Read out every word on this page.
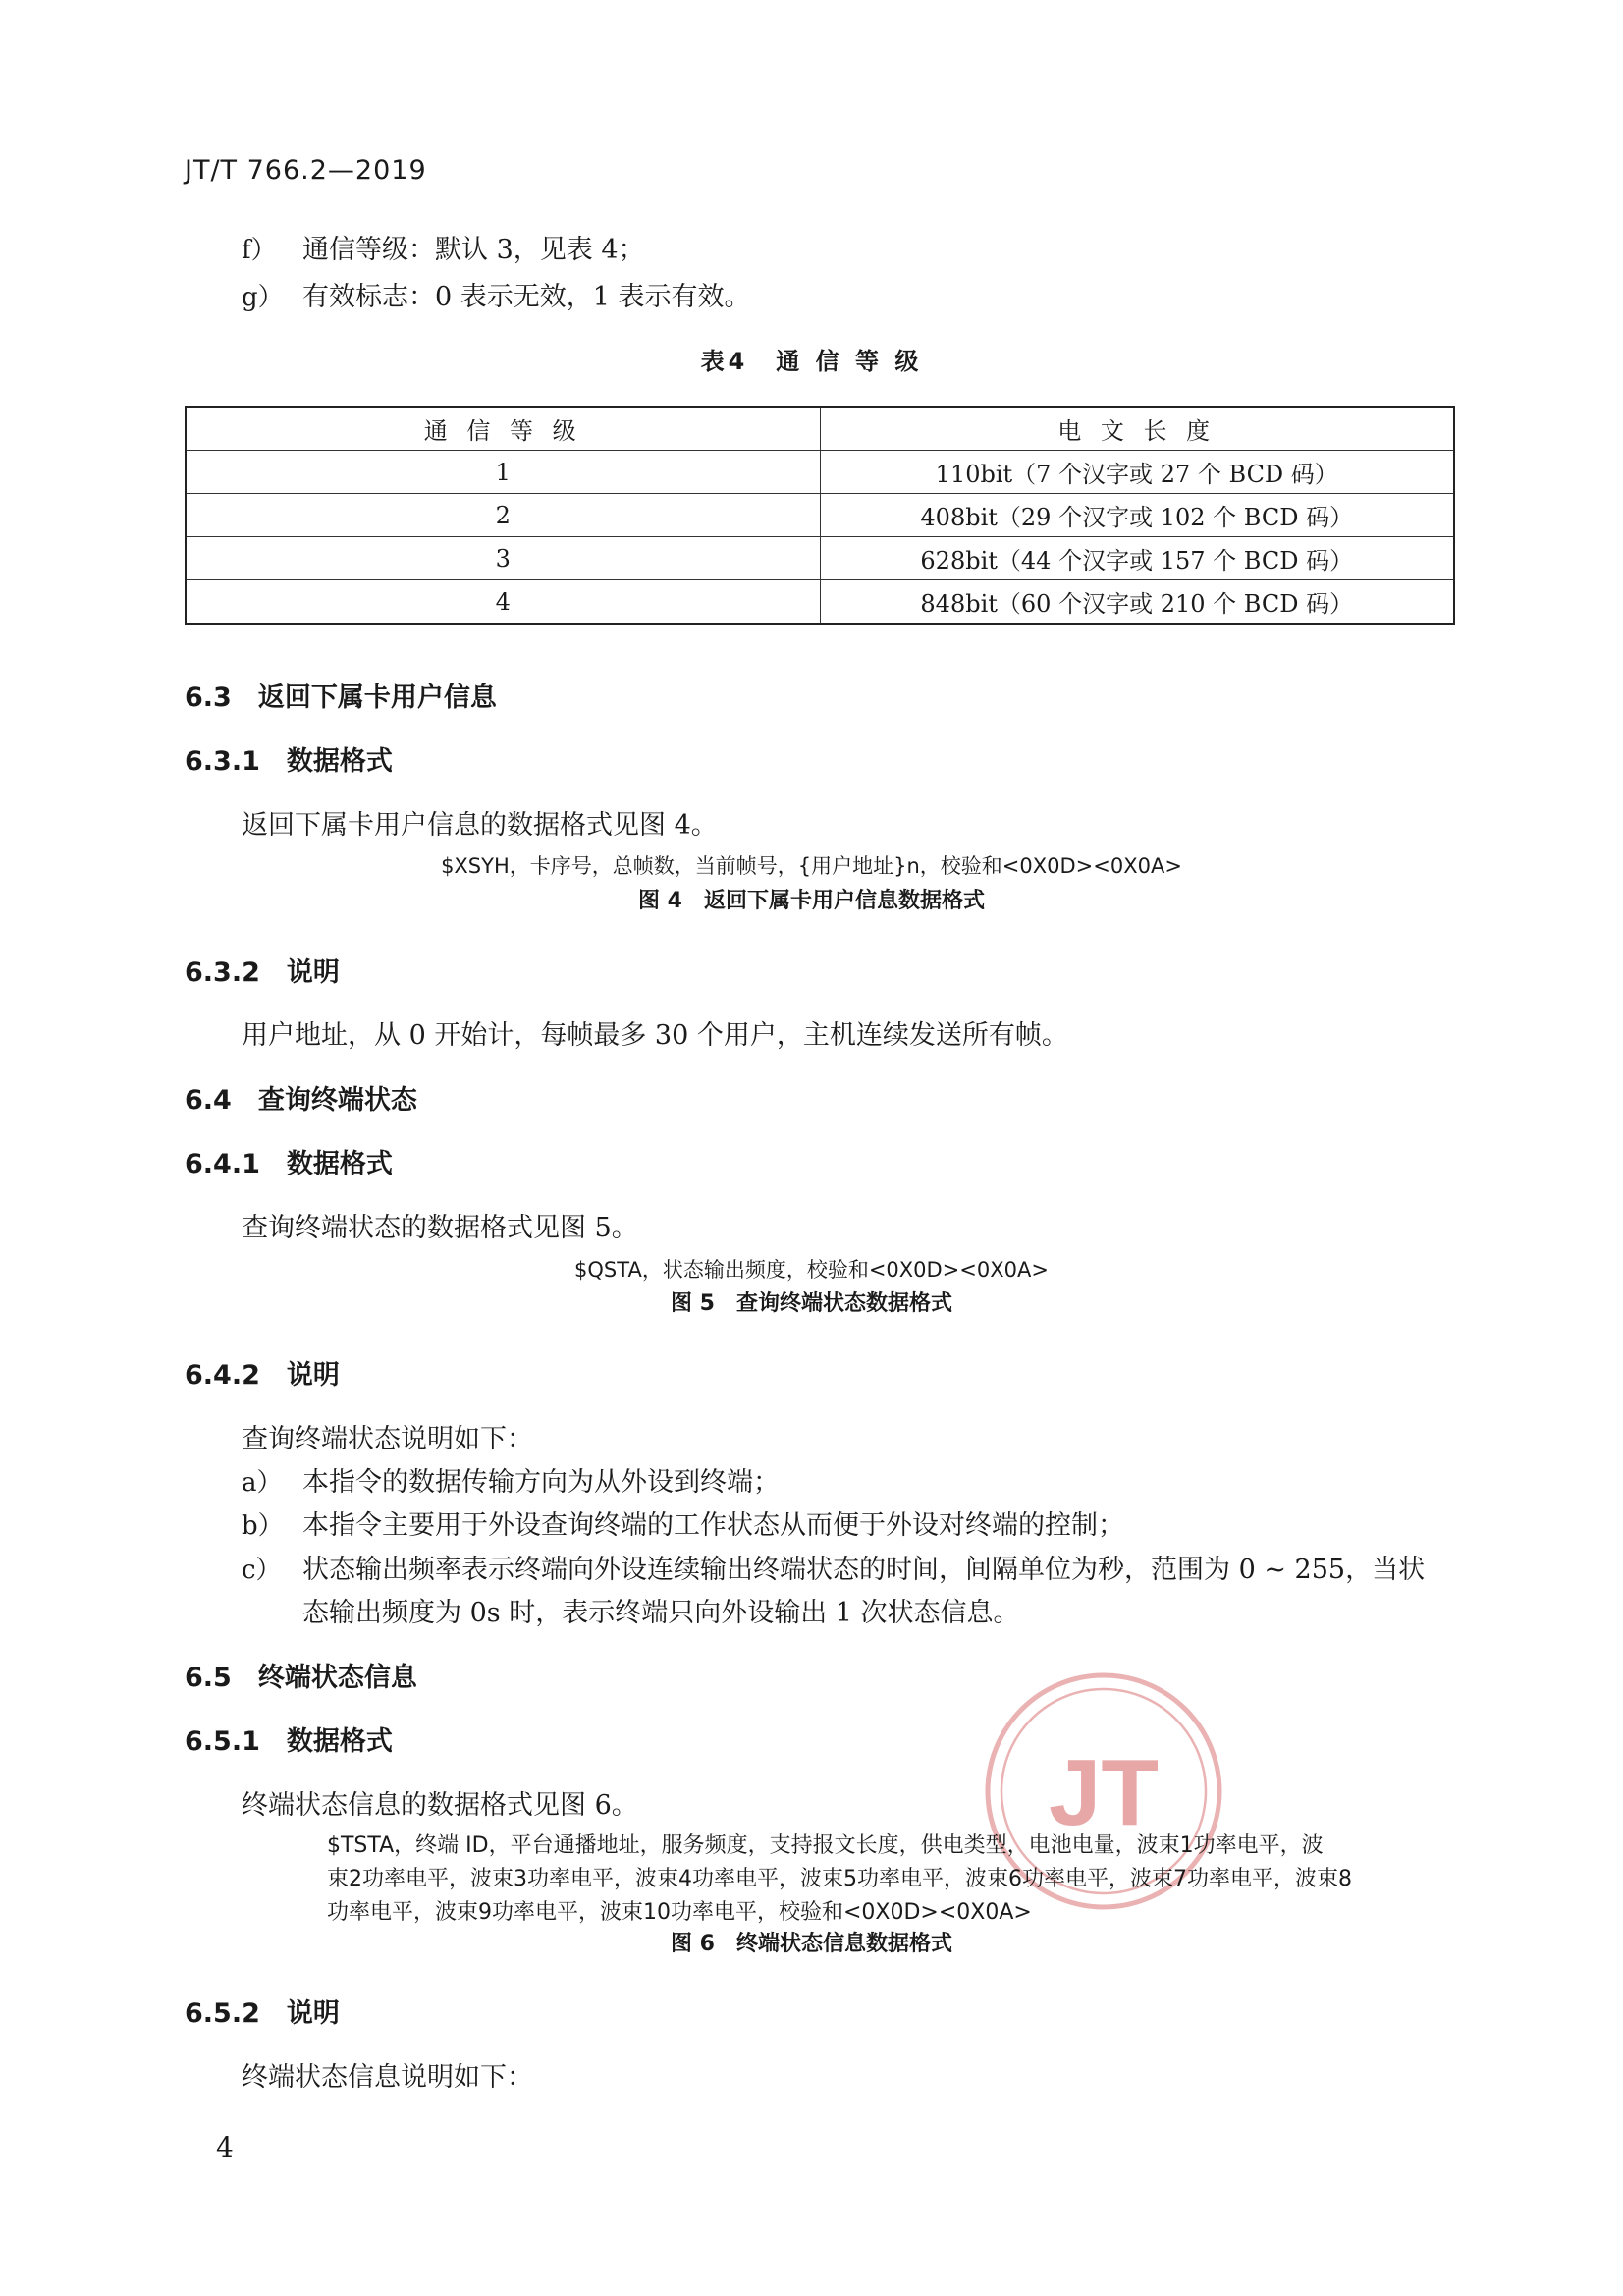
JT/T 766.2—2019
f） 通信等级：默认 3，见表 4；
g） 有效标志：0 表示无效，1 表示有效。
表4　通 信 等 级
通 信 等 级	电 文 长 度
1	110bit（7 个汉字或 27 个 BCD 码）
2	408bit（29 个汉字或 102 个 BCD 码）
3	628bit（44 个汉字或 157 个 BCD 码）
4	848bit（60 个汉字或 210 个 BCD 码）
6.3　返回下属卡用户信息
6.3.1　数据格式
返回下属卡用户信息的数据格式见图 4。
$XSYH，卡序号，总帧数，当前帧号，{用户地址}n，校验和<0X0D><0X0A>
图 4　返回下属卡用户信息数据格式
6.3.2　说明
用户地址，从 0 开始计，每帧最多 30 个用户，主机连续发送所有帧。
6.4　查询终端状态
6.4.1　数据格式
查询终端状态的数据格式见图 5。
$QSTA，状态输出频度，校验和<0X0D><0X0A>
图 5　查询终端状态数据格式
6.4.2　说明
查询终端状态说明如下：
a） 本指令的数据传输方向为从外设到终端；
b） 本指令主要用于外设查询终端的工作状态从而便于外设对终端的控制；
c） 状态输出频率表示终端向外设连续输出终端状态的时间，间隔单位为秒，范围为 0 ~ 255，当状
态输出频度为 0s 时，表示终端只向外设输出 1 次状态信息。
6.5　终端状态信息
6.5.1　数据格式
终端状态信息的数据格式见图 6。	JT
$TSTA，终端 ID，平台通播地址，服务频度，支持报文长度，供电类型，电池电量，波束1功率电平，波
束2功率电平，波束3功率电平，波束4功率电平，波束5功率电平，波束6功率电平，波束7功率电平，波束8
功率电平，波束9功率电平，波束10功率电平，校验和<0X0D><0X0A>
图 6　终端状态信息数据格式
6.5.2　说明
终端状态信息说明如下：
4
